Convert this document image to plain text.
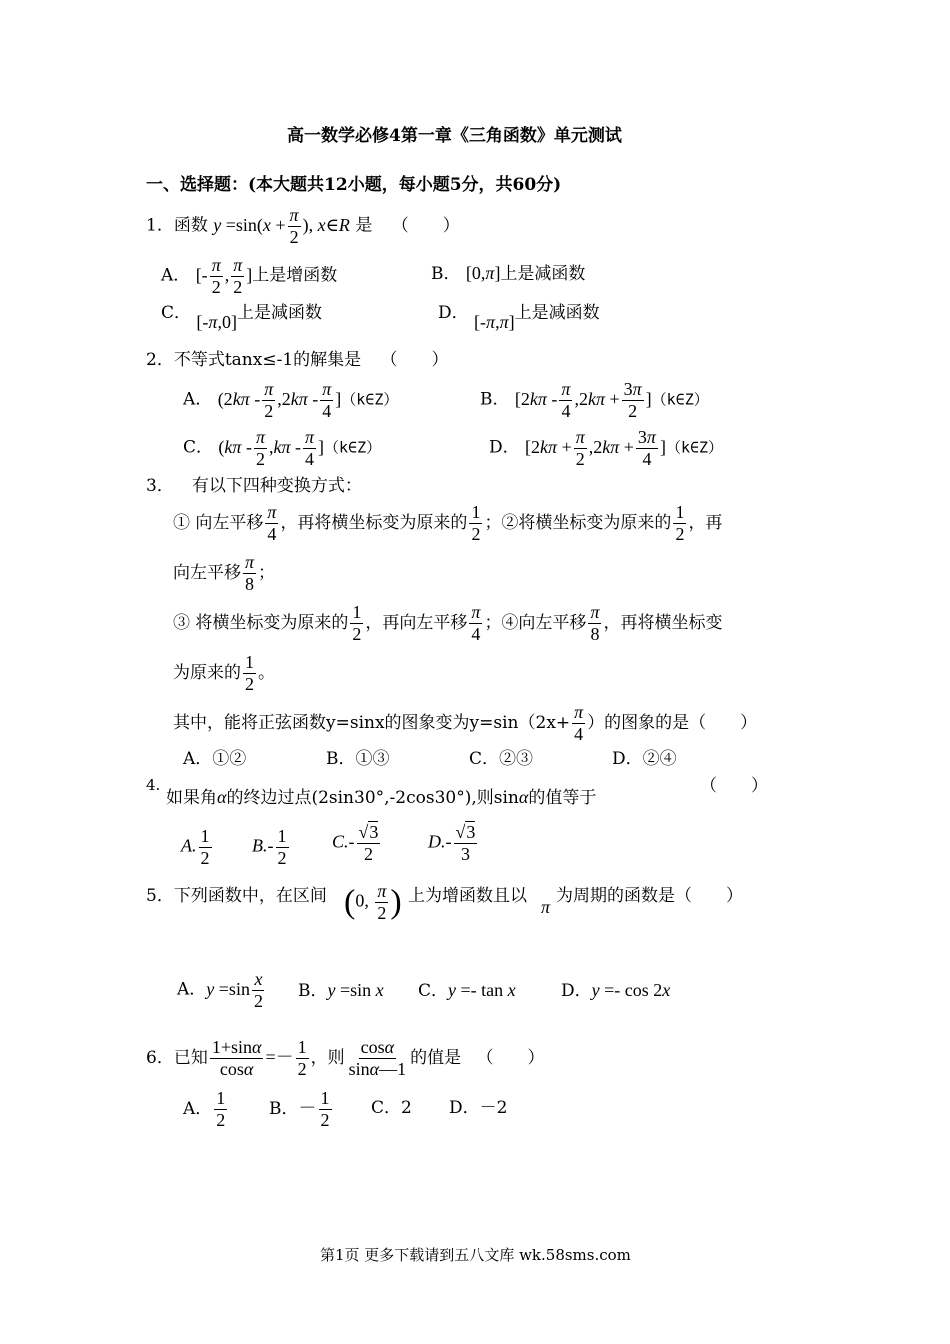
高一数学必修4第一章《三角函数》单元测试
一、选择题：(本大题共12小题，每小题5分，共60分)
1．函数 $y =\sin(x + \frac{\pi}{2}$ ), x∈R 是 （　　）
A． [- $\frac{\pi}{2}$ , $\frac{\pi}{2}$ ]上是增函数	B． [0,π]上是减函数
C． [-π,0]上是减函数	D． [-π,π]上是减函数
2．不等式tanx≤-1的解集是 （　　）
A． ($2k\pi - \frac{\pi}{2} ,2k\pi - \frac{\pi}{4}$ ]（k∈Z）	B． [$2k\pi - \frac{\pi}{4} ,2k\pi + \frac{3\pi}{2}$ ]（k∈Z）
C． ($k\pi - \frac{\pi}{2} ,k\pi - \frac{\pi}{4}$ ]（k∈Z）	D． [$2k\pi + \frac{\pi}{2} ,2k\pi + \frac{3\pi}{4}$ ]（k∈Z）
3． 有以下四种变换方式：
① 向左平移 $\frac{\pi}{4}$ ，再将横坐标变为原来的 $\frac{1}{2}$ ；②将横坐标变为原来的 $\frac{1}{2}$ ，再
向左平移 $\frac{\pi}{8}$ ；
③ 将横坐标变为原来的 $\frac{1}{2}$ ，再向左平移 $\frac{\pi}{4}$ ；④向左平移 $\frac{\pi}{8}$ ，再将横坐标变
为原来的 $\frac{1}{2}$ 。
其中，能将正弦函数y=sinx的图象变为$y=\sin(2x+ \frac{\pi}{4}$ ）的图象的是（　　）
A．①②	B．①③	C．②③	D．②④
4.
如果角α的终边过点(2sin30°,-2cos30°),则sinα的值等于
（　　）
A. $\frac{1}{2} B.- \frac{1}{2} C.- \frac{√3}{2}$	$D.- \frac{√3}{3}$
5．下列函数中，在区间 (0, $\frac{\pi}{2}$ ) 上为增函数且以
π
为周期的函数是（　　）
A．$y =\sin \frac{x}{2}$ B．y =sin x C．y =- tan x	D．y =- cos 2x
6．已知 $\frac{1+\sin\alpha}{\cos\alpha} =- \frac{1}{2}$ ，则 $\frac{\cos\alpha}{\sin\alpha—1}$ 的值是 （　　）
A． $\frac{1}{2}$ B．－ $\frac{1}{2}$ C．2 D．－2
第1页 更多下载请到五八文库 wk.58sms.com
